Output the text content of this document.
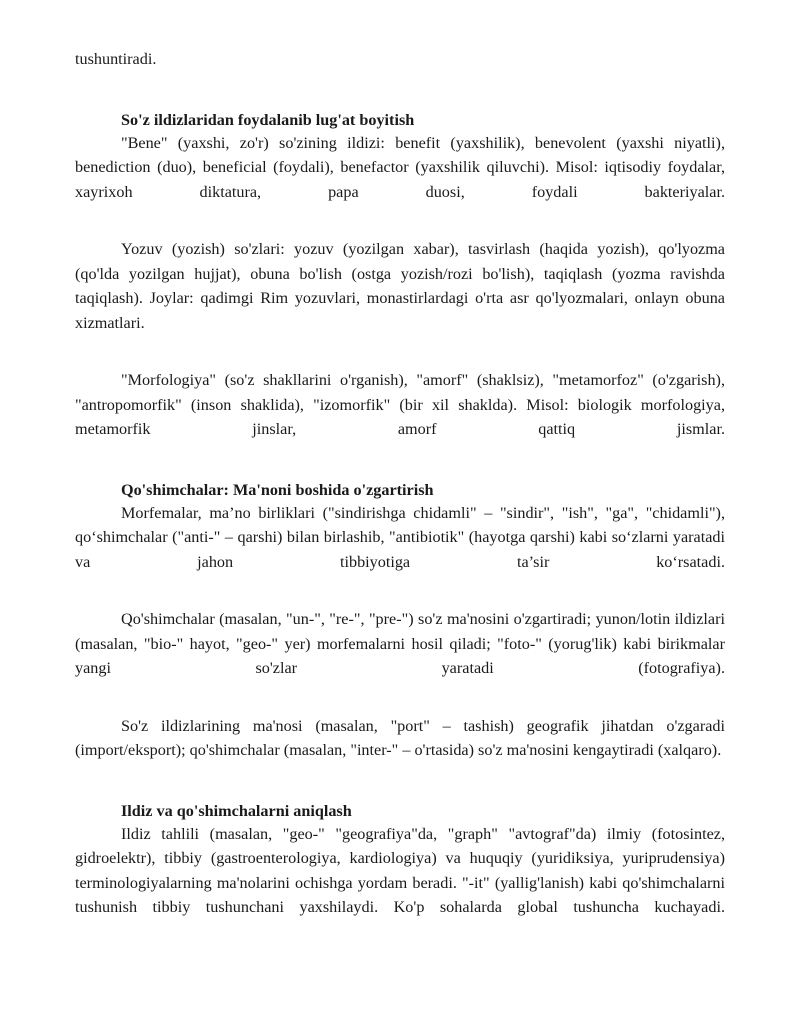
tushuntiradi.
So'z ildizlaridan foydalanib lug'at boyitish

"Bene" (yaxshi, zo'r) so'zining ildizi: benefit (yaxshilik), benevolent (yaxshi niyatli), benediction (duo), beneficial (foydali), benefactor (yaxshilik qiluvchi). Misol: iqtisodiy foydalar, xayrixoh diktatura, papa duosi, foydali bakteriyalar.

Yozuv (yozish) so'zlari: yozuv (yozilgan xabar), tasvirlash (haqida yozish), qo'lyozma (qo'lda yozilgan hujjat), obuna bo'lish (ostga yozish/rozi bo'lish), taqiqlash (yozma ravishda taqiqlash). Joylar: qadimgi Rim yozuvlari, monastirlardagi o'rta asr qo'lyozmalari, onlayn obuna xizmatlari.

"Morfologiya" (so'z shakllarini o'rganish), "amorf" (shaklsiz), "metamorfoz" (o'zgarish), "antropomorfik" (inson shaklida), "izomorfik" (bir xil shaklda). Misol: biologik morfologiya, metamorfik jinslar, amorf qattiq jismlar.

Qo'shimchalar: Ma'noni boshida o'zgartirish

Morfemalar, ma’no birliklari ("sindirishga chidamli" – "sindir", "ish", "ga", "chidamli"), qo‘shimchalar ("anti-" – qarshi) bilan birlashib, "antibiotik" (hayotga qarshi) kabi so‘zlarni yaratadi va jahon tibbiyotiga ta’sir ko‘rsatadi.

Qo'shimchalar (masalan, "un-", "re-", "pre-") so'z ma'nosini o'zgartiradi; yunon/lotin ildizlari (masalan, "bio-" hayot, "geo-" yer) morfemalarni hosil qiladi; "foto-" (yorug'lik) kabi birikmalar yangi so'zlar yaratadi (fotografiya).

So'z ildizlarining ma'nosi (masalan, "port" – tashish) geografik jihatdan o'zgaradi (import/eksport); qo'shimchalar (masalan, "inter-" – o'rtasida) so'z ma'nosini kengaytiradi (xalqaro).

Ildiz va qo'shimchalarni aniqlash

Ildiz tahlili (masalan, "geo-" "geografiya"da, "graph" "avtograf"da) ilmiy (fotosintez, gidroelektr), tibbiy (gastroenterologiya, kardiologiya) va huquqiy (yuridiksiya, yuriprudensiya) terminologiyalarning ma'nolarini ochishga yordam beradi. "-it" (yallig'lanish) kabi qo'shimchalarni tushunish tibbiy tushunchani yaxshilaydi. Ko'p sohalarda global tushuncha kuchayadi.
